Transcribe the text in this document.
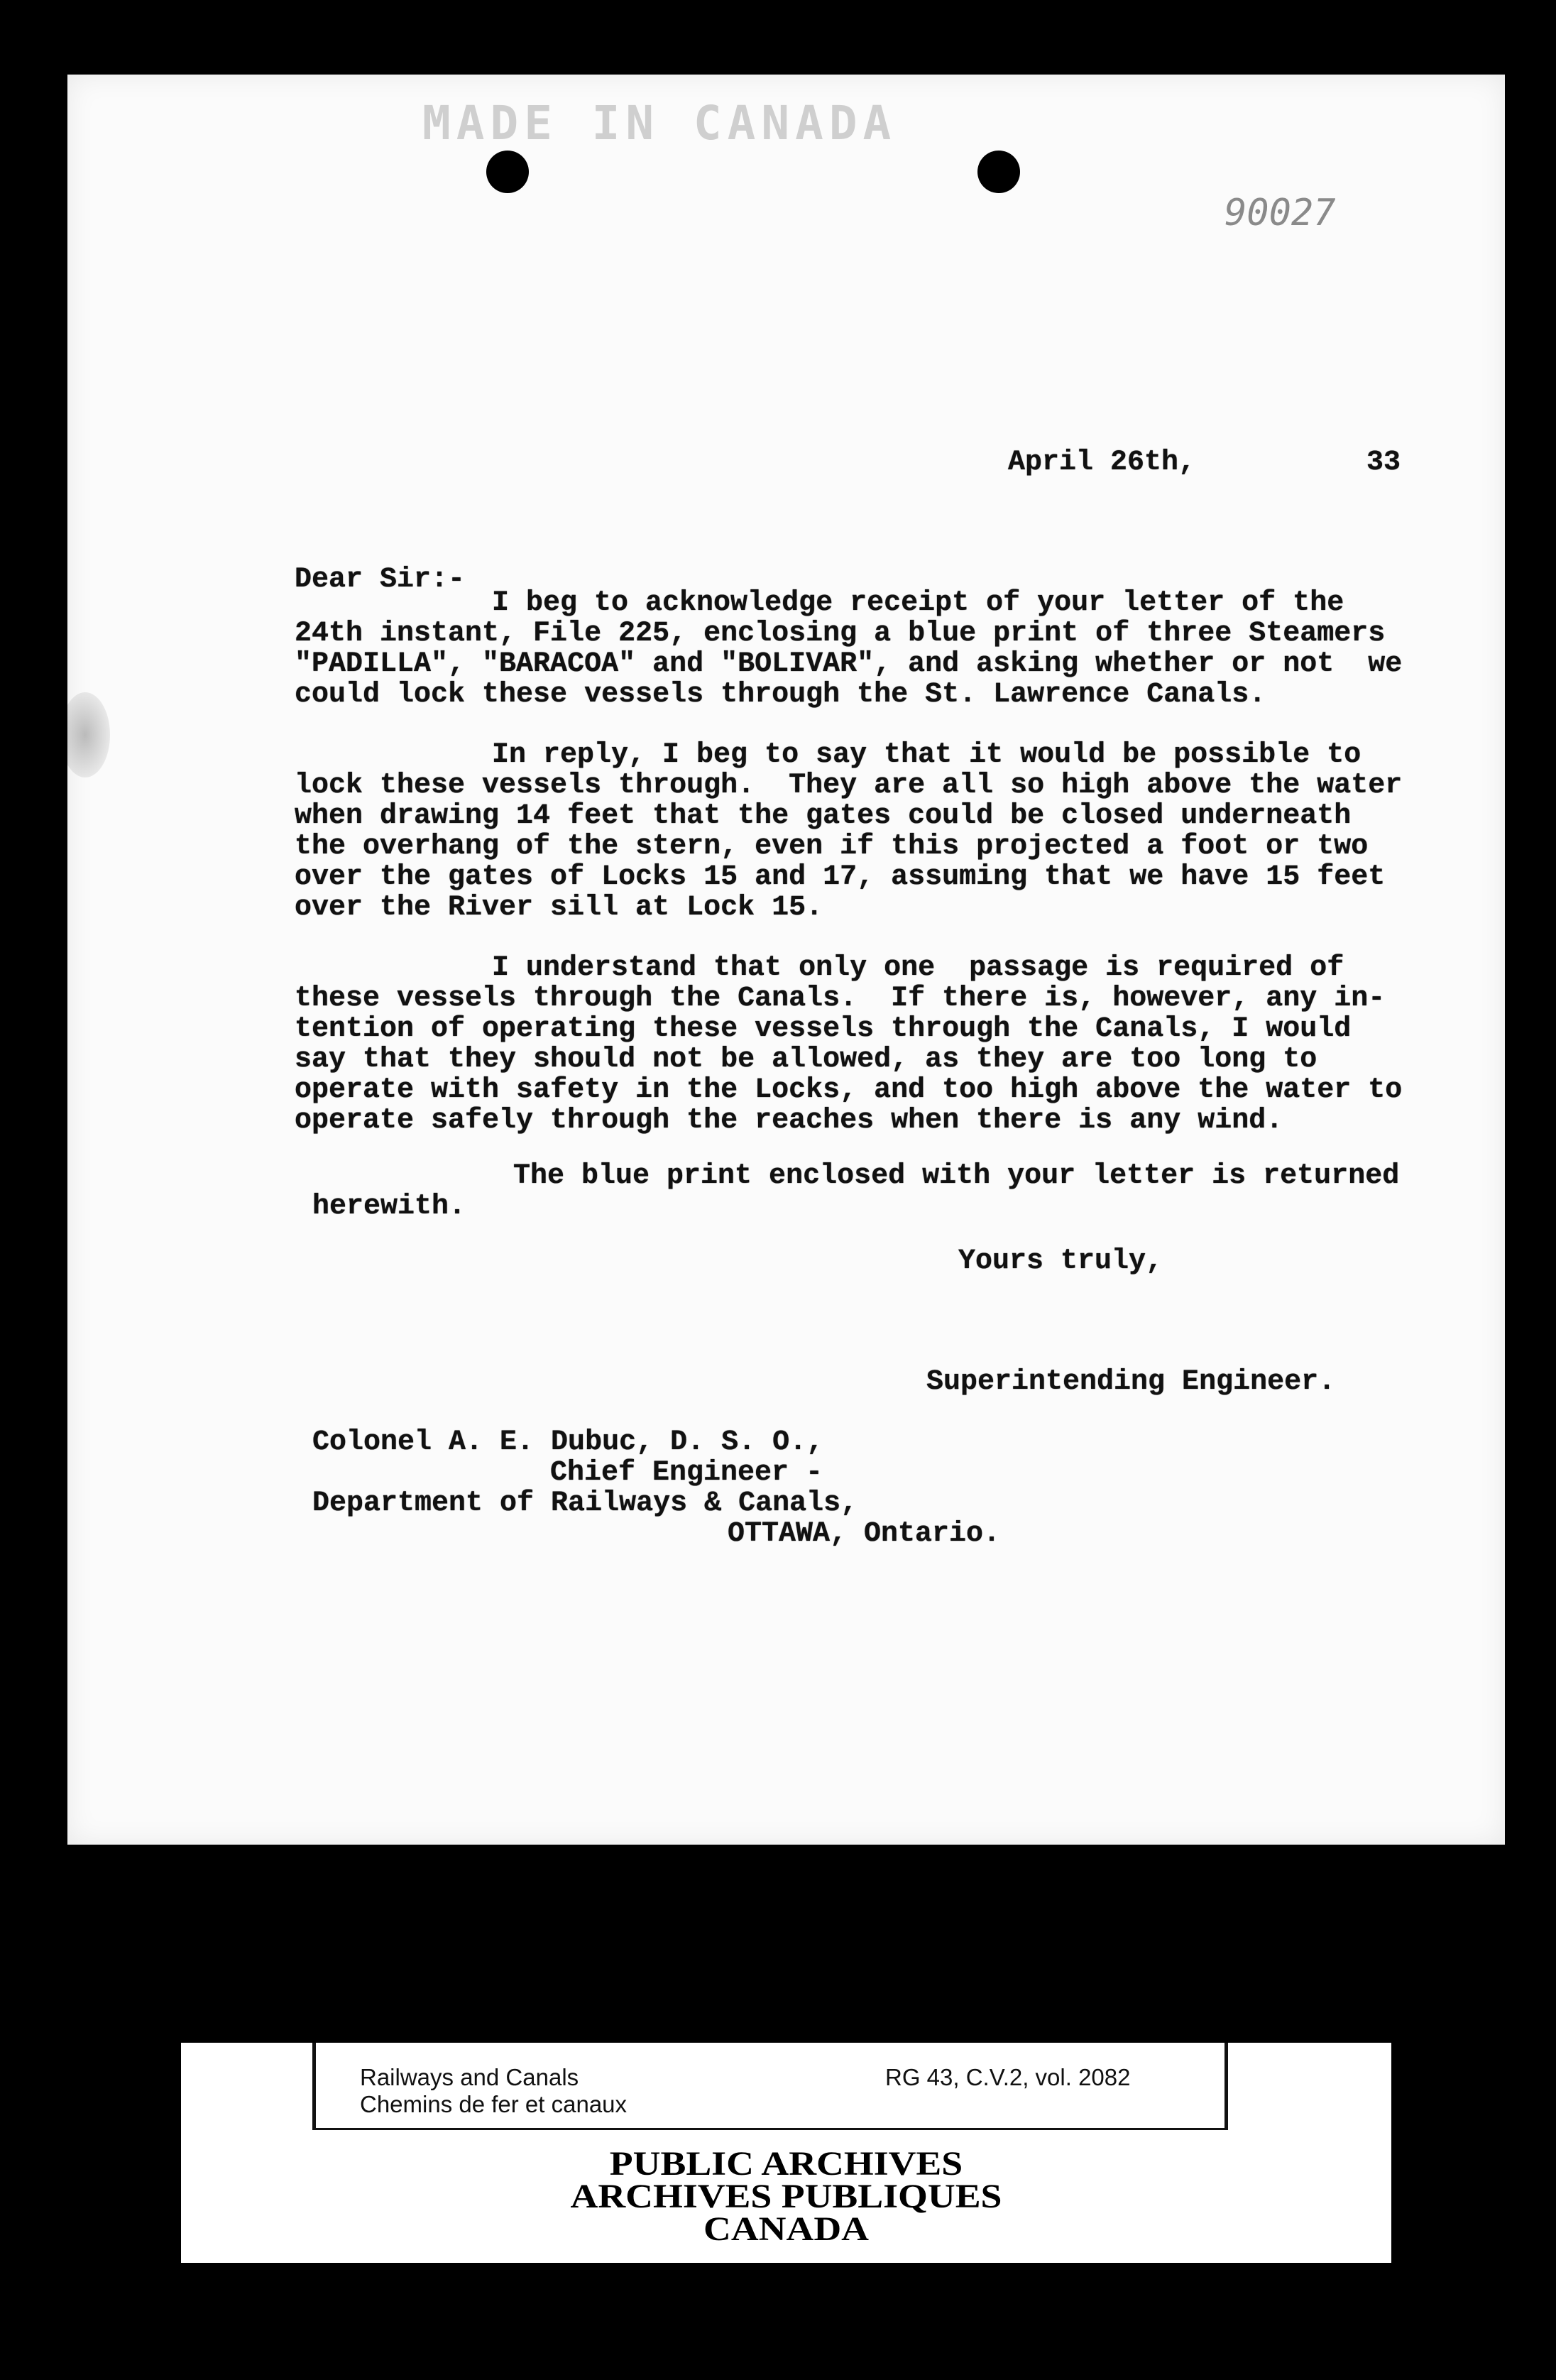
MADE IN CANADA
90027
April 26th,	33
Dear Sir:-
I beg to acknowledge receipt of your letter of the
24th instant, File 225, enclosing a blue print of three Steamers
"PADILLA", "BARACOA" and "BOLIVAR", and asking whether or not  we
could lock these vessels through the St. Lawrence Canals.
In reply, I beg to say that it would be possible to
lock these vessels through.  They are all so high above the water
when drawing 14 feet that the gates could be closed underneath
the overhang of the stern, even if this projected a foot or two
over the gates of Locks 15 and 17, assuming that we have 15 feet
over the River sill at Lock 15.
I understand that only one  passage is required of
these vessels through the Canals.  If there is, however, any in-
tention of operating these vessels through the Canals, I would
say that they should not be allowed, as they are too long to
operate with safety in the Locks, and too high above the water to
operate safely through the reaches when there is any wind.
The blue print enclosed with your letter is returned
herewith.
Yours truly,
Superintending Engineer.
Colonel A. E. Dubuc, D. S. O.,
Chief Engineer -
Department of Railways & Canals,
OTTAWA, Ontario.
Railways and Canals
Chemins de fer et canaux
RG 43, C.V.2, vol. 2082
PUBLIC ARCHIVES
ARCHIVES PUBLIQUES
CANADA
